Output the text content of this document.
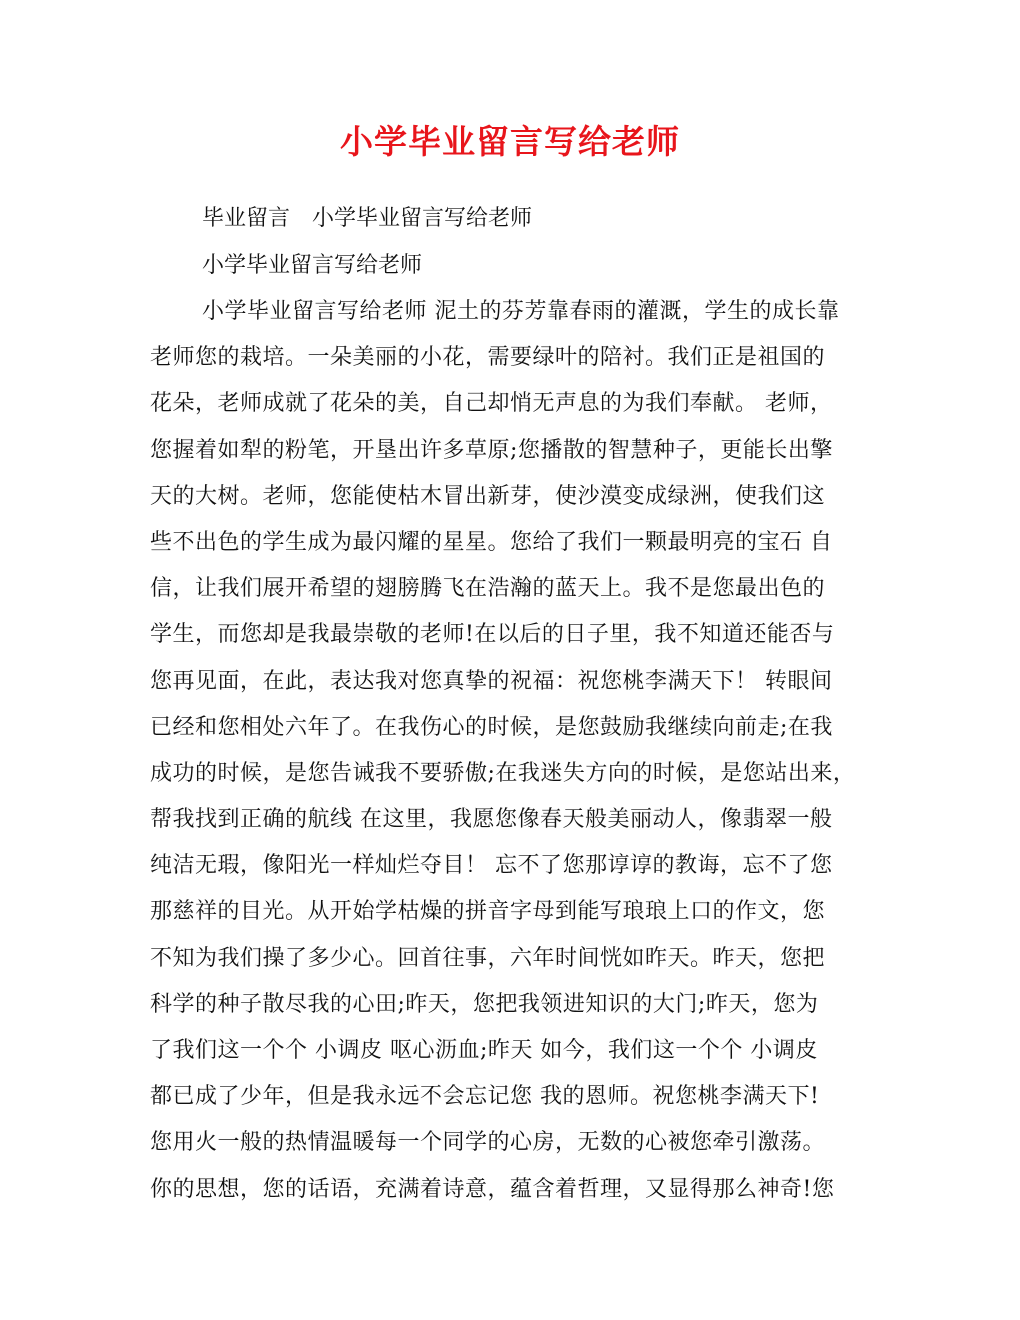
小学毕业留言写给老师
毕业留言 小学毕业留言写给老师
小学毕业留言写给老师
小学毕业留言写给老师 泥土的芬芳靠春雨的灌溉，学生的成长靠
老师您的栽培。一朵美丽的小花，需要绿叶的陪衬。我们正是祖国的
花朵，老师成就了花朵的美，自己却悄无声息的为我们奉献。 老师，
您握着如犁的粉笔，开垦出许多草原;您播散的智慧种子，更能长出擎
天的大树。老师，您能使枯木冒出新芽，使沙漠变成绿洲，使我们这
些不出色的学生成为最闪耀的星星。您给了我们一颗最明亮的宝石 自
信，让我们展开希望的翅膀腾飞在浩瀚的蓝天上。我不是您最出色的
学生，而您却是我最崇敬的老师!在以后的日子里，我不知道还能否与
您再见面，在此，表达我对您真挚的祝福：祝您桃李满天下！ 转眼间
已经和您相处六年了。在我伤心的时候，是您鼓励我继续向前走;在我
成功的时候，是您告诫我不要骄傲;在我迷失方向的时候，是您站出来，
帮我找到正确的航线 在这里，我愿您像春天般美丽动人，像翡翠一般
纯洁无瑕，像阳光一样灿烂夺目！ 忘不了您那谆谆的教诲，忘不了您
那慈祥的目光。从开始学枯燥的拼音字母到能写琅琅上口的作文，您
不知为我们操了多少心。回首往事，六年时间恍如昨天。昨天，您把
科学的种子散尽我的心田;昨天，您把我领进知识的大门;昨天，您为
了我们这一个个 小调皮 呕心沥血;昨天 如今，我们这一个个 小调皮
都已成了少年，但是我永远不会忘记您 我的恩师。祝您桃李满天下!
您用火一般的热情温暖每一个同学的心房，无数的心被您牵引激荡。
你的思想，您的话语，充满着诗意，蕴含着哲理，又显得那么神奇!您
